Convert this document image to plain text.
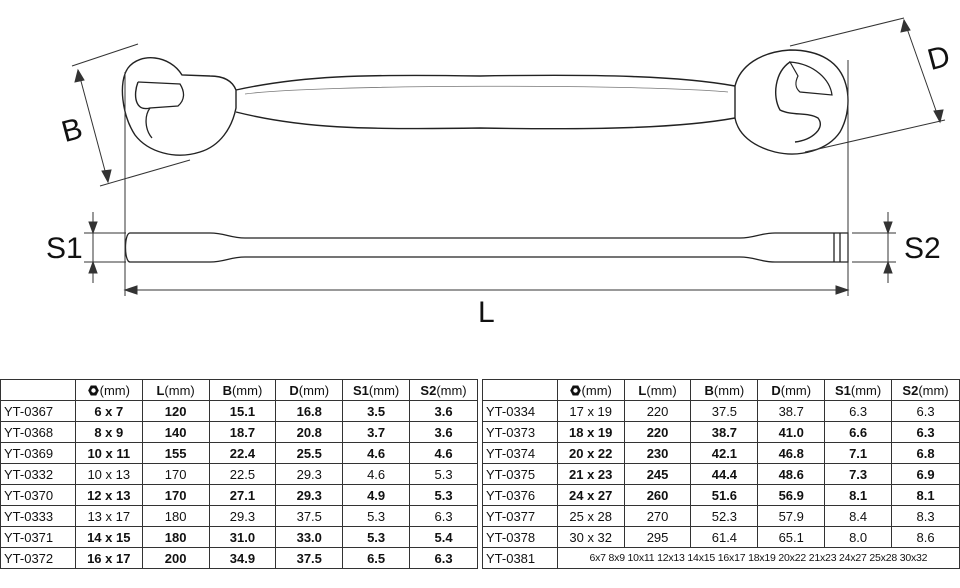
B
D
S1	S2
L
	(mm)	L(mm)	B(mm)	D(mm)	S1(mm)	S2(mm)
YT-0367	6 x 7	120	15.1	16.8	3.5	3.6
YT-0368	8 x 9	140	18.7	20.8	3.7	3.6
YT-0369	10 x 11	155	22.4	25.5	4.6	4.6
YT-0332	10 x 13	170	22.5	29.3	4.6	5.3
YT-0370	12 x 13	170	27.1	29.3	4.9	5.3
YT-0333	13 x 17	180	29.3	37.5	5.3	6.3
YT-0371	14 x 15	180	31.0	33.0	5.3	5.4
YT-0372	16 x 17	200	34.9	37.5	6.5	6.3
	(mm)	L(mm)	B(mm)	D(mm)	S1(mm)	S2(mm)
YT-0334	17 x 19	220	37.5	38.7	6.3	6.3
YT-0373	18 x 19	220	38.7	41.0	6.6	6.3
YT-0374	20 x 22	230	42.1	46.8	7.1	6.8
YT-0375	21 x 23	245	44.4	48.6	7.3	6.9
YT-0376	24 x 27	260	51.6	56.9	8.1	8.1
YT-0377	25 x 28	270	52.3	57.9	8.4	8.3
YT-0378	30 x 32	295	61.4	65.1	8.0	8.6
YT-0381	6x7 8x9 10x11 12x13 14x15 16x17 18x19 20x22 21x23 24x27 25x28 30x32					
